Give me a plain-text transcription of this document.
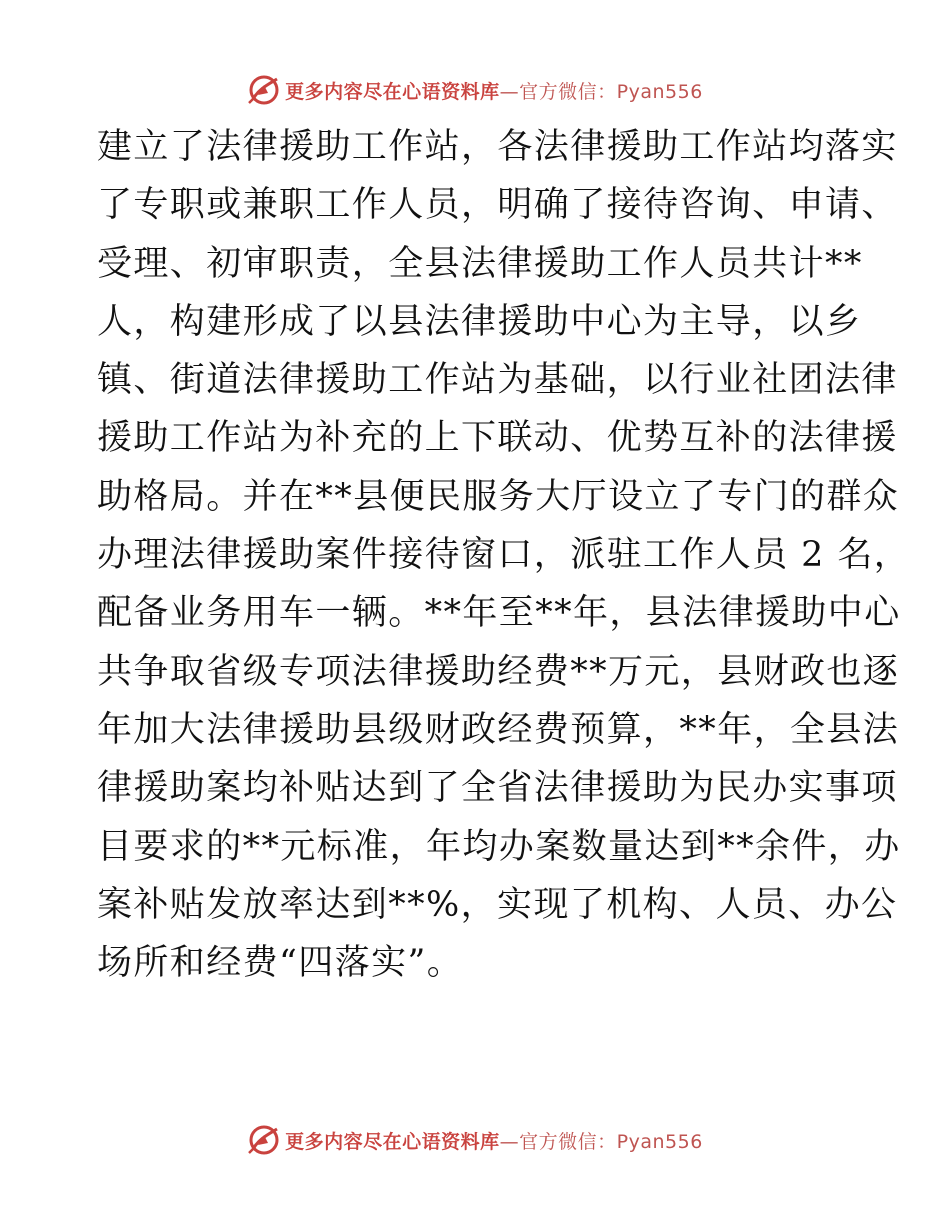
更多内容尽在心语资料库 —官方微信：Pyan556
建立了法律援助工作站，各法律援助工作站均落实
了专职或兼职工作人员，明确了接待咨询、申请、
受理、初审职责，全县法律援助工作人员共计**
人，构建形成了以县法律援助中心为主导，以乡
镇、街道法律援助工作站为基础，以行业社团法律
援助工作站为补充的上下联动、优势互补的法律援
助格局。并在**县便民服务大厅设立了专门的群众
办理法律援助案件接待窗口，派驻工作人员 2 名，
配备业务用车一辆。**年至**年，县法律援助中心
共争取省级专项法律援助经费**万元，县财政也逐
年加大法律援助县级财政经费预算，**年，全县法
律援助案均补贴达到了全省法律援助为民办实事项
目要求的**元标准，年均办案数量达到**余件，办
案补贴发放率达到**%，实现了机构、人员、办公
场所和经费“四落实”。
更多内容尽在心语资料库 —官方微信：Pyan556
